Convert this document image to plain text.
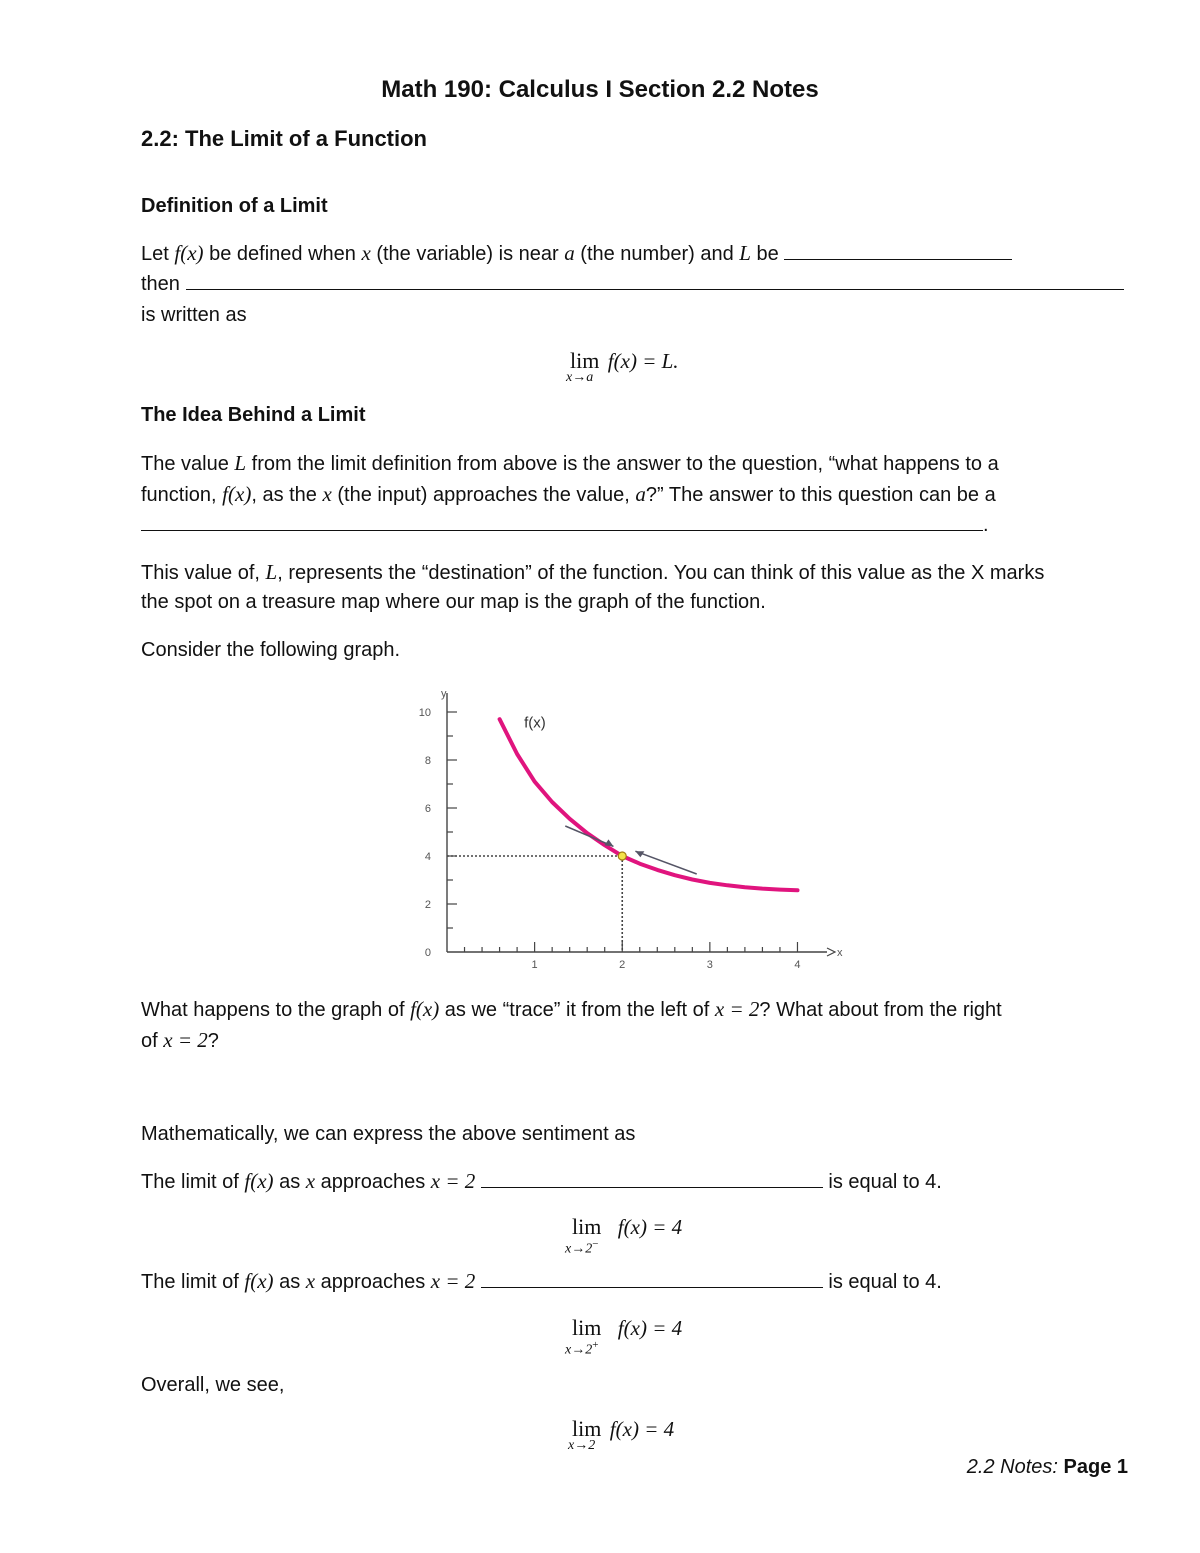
Math 190: Calculus I Section 2.2 Notes
2.2: The Limit of a Function
Definition of a Limit
Let f(x) be defined when x (the variable) is near a (the number) and L be
then
is written as
lim f(x) = L.
x→a
The Idea Behind a Limit
The value L from the limit definition from above is the answer to the question, “what happens to a
function, f(x), as the x (the input) approaches the value, a?” The answer to this question can be a
.
This value of, L, represents the “destination” of the function. You can think of this value as the X marks
the spot on a treasure map where our map is the graph of the function.
Consider the following graph.
0
2
4
6
8
10
1	2	3	4
x
y
f(x)
What happens to the graph of f(x) as we “trace” it from the left of x = 2? What about from the right
of x = 2?
Mathematically, we can express the above sentiment as
The limit of f(x) as x approaches x = 2	is equal to 4.
lim f(x) = 4
x→2−
The limit of f(x) as x approaches x = 2	is equal to 4.
lim f(x) = 4
x→2+
Overall, we see,
lim f(x) = 4
x→2
2.2 Notes: Page 1
